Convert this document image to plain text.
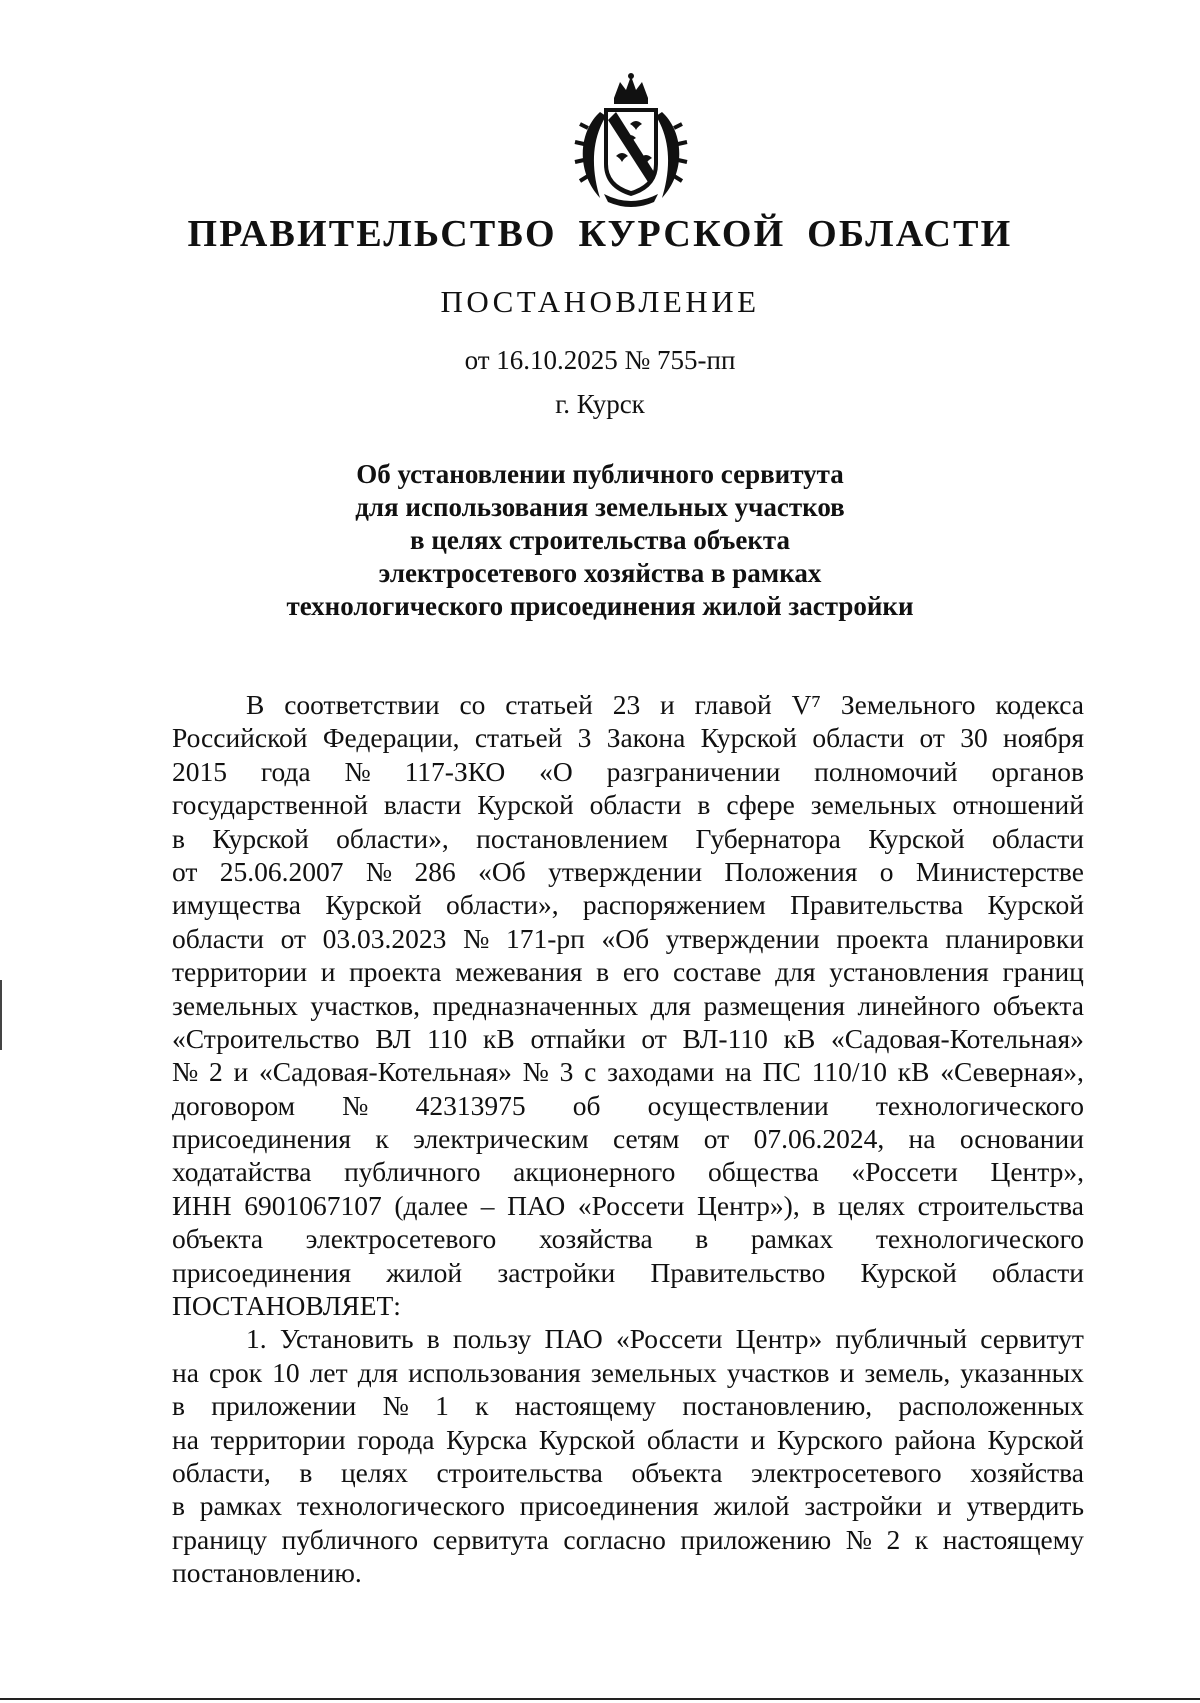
ПРАВИТЕЛЬСТВО КУРСКОЙ ОБЛАСТИ
ПОСТАНОВЛЕНИЕ
от 16.10.2025 № 755-пп
г. Курск
Об установлении публичного сервитута
для использования земельных участков
в целях строительства объекта
электросетевого хозяйства в рамках
технологического присоединения жилой застройки
В соответствии со статьей 23 и главой V⁷ Земельного кодекса
Российской Федерации, статьей 3 Закона Курской области от 30 ноября
2015 года № 117-ЗКО «О разграничении полномочий органов
государственной власти Курской области в сфере земельных отношений
в Курской области», постановлением Губернатора Курской области
от 25.06.2007 № 286 «Об утверждении Положения о Министерстве
имущества Курской области», распоряжением Правительства Курской
области от 03.03.2023 № 171-рп «Об утверждении проекта планировки
территории и проекта межевания в его составе для установления границ
земельных участков, предназначенных для размещения линейного объекта
«Строительство ВЛ 110 кВ отпайки от ВЛ-110 кВ «Садовая-Котельная»
№ 2 и «Садовая-Котельная» № 3 с заходами на ПС 110/10 кВ «Северная»,
договором № 42313975 об осуществлении технологического
присоединения к электрическим сетям от 07.06.2024, на основании
ходатайства публичного акционерного общества «Россети Центр»,
ИНН 6901067107 (далее – ПАО «Россети Центр»), в целях строительства
объекта электросетевого хозяйства в рамках технологического
присоединения жилой застройки Правительство Курской области
ПОСТАНОВЛЯЕТ:
1. Установить в пользу ПАО «Россети Центр» публичный сервитут
на срок 10 лет для использования земельных участков и земель, указанных
в приложении № 1 к настоящему постановлению, расположенных
на территории города Курска Курской области и Курского района Курской
области, в целях строительства объекта электросетевого хозяйства
в рамках технологического присоединения жилой застройки и утвердить
границу публичного сервитута согласно приложению № 2 к настоящему
постановлению.
